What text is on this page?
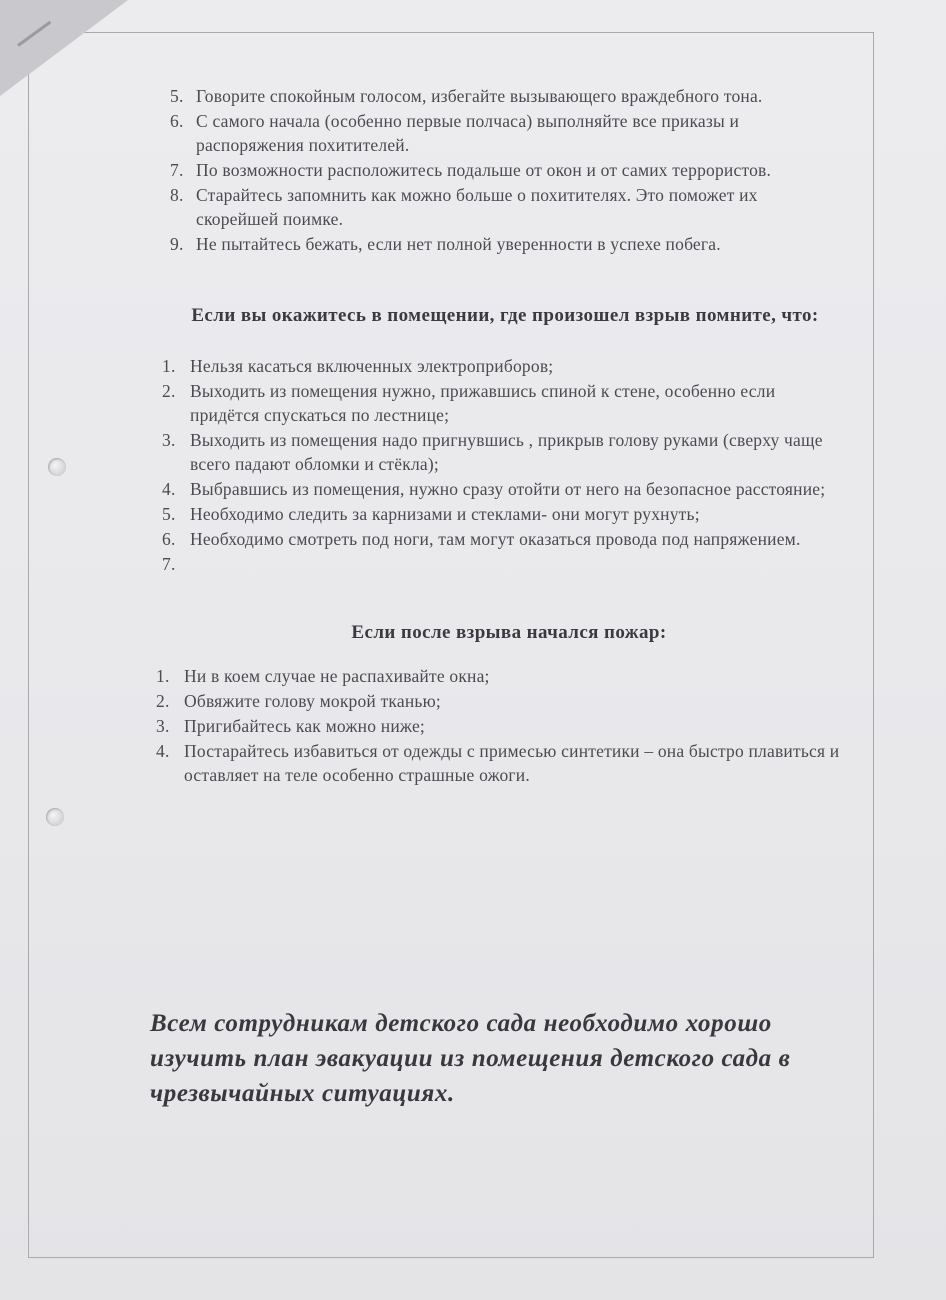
5. Говорите спокойным голосом, избегайте вызывающего враждебного тона.
6. С самого начала (особенно первые полчаса) выполняйте все приказы и распоряжения похитителей.
7. По возможности расположитесь подальше от окон и от самих террористов.
8. Старайтесь запомнить как можно больше о похитителях. Это поможет их скорейшей поимке.
9. Не пытайтесь бежать, если нет полной уверенности в успехе побега.
Если вы окажитесь в помещении, где произошел взрыв помните, что:
1. Нельзя касаться включенных электроприборов;
2. Выходить из помещения нужно, прижавшись спиной к стене, особенно если придётся спускаться по лестнице;
3. Выходить из помещения надо пригнувшись , прикрыв голову руками (сверху чаще всего падают обломки и стёкла);
4. Выбравшись из помещения, нужно сразу отойти от него на безопасное расстояние;
5. Необходимо следить за карнизами и стеклами- они могут рухнуть;
6. Необходимо смотреть под ноги, там могут оказаться провода под напряжением.
7.

Если после взрыва начался пожар:
1. Ни в коем случае не распахивайте окна;
2. Обвяжите голову мокрой тканью;
3. Пригибайтесь как можно ниже;
4. Постарайтесь избавиться от одежды с примесью синтетики – она быстро плавиться и оставляет на теле особенно страшные ожоги.
Всем сотрудникам детского сада необходимо хорошо изучить план эвакуации из помещения детского сада в чрезвычайных ситуациях.
